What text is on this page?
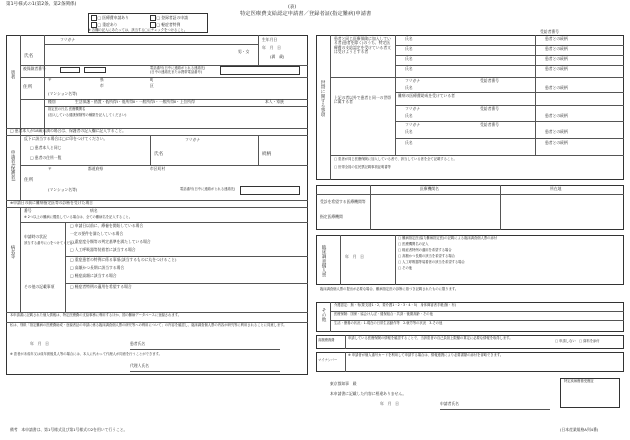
第1号様式の1(第2条、第2条関係)
(表)
特定医療費支給認定申請書／登録者証(指定難病)申請書
□ 医療費申請あり	□ 登録者証の申請
□ 重症あり	□ 軽症者特例
※ 各欄の記入にあたっては、該当する□にチェックをつけること。
患者
フリガナ
氏名
生年月日
年　月　日
(満　歳)
男・女
被保険者番号	電話番号(日中に連絡がとれる連絡先)
(日中の連絡先または携帯電話番号)
住所
〒	県
市
町
区
(マンション名等)
種別	生活保護・措置・低所得Ⅰ・低所得Ⅱ・一般所得Ⅰ・一般所得Ⅱ・上位所得	本人・家族
指定医の氏名 医療機関名
(加入している健康保険等の種類を記入してください)
□ 患者本人が18歳未満の場合は、保護者の記入欄に記入すること。
申請者(保護者)
反下に該当する場合は□に印をつけてください。
□ 患者本人と同じ
□ 患者の住所一覧
フリガナ
氏名	続柄
住所
〒	都道府県	市区町村
(マンション名等)	電話番号(日中に連絡がとれる連絡先)
※申請日の前に難病指定医等の診断を受けた場合
病名等
番号	病名
※ 2つ以上の難病に罹患している場合は、全ての難病名を記入すること。
□ 申請日以前に、療養を開始している場合
申請時の状況
該当する番号に○をつけてください
一定の要件を満たしている場合
□ 重症度分類等の判定基準を満たしている場合
□ 人工呼吸器等装着者に該当する場合
□ 重症患者の特例に係る事項(該当するものに丸をつけること)
□ 高額かつ長期に該当する場合
□ 軽症高額に該当する場合
その他の記載事項	□ 軽症者特例の適用を希望する場合
本申請書に記載された個人情報は、特定医療費の支給事務に利用するほか、国の難病データベースに登録されます。
私は、別紙「指定難病の医療費助成・登録者証の申請に係る臨床調査個人票の研究等への利用について」の内容を確認し、臨床調査個人票の内容が研究等に利用されることに同意します。
年　月　日	患者氏名
※ 患者が未成年又は成年被後見人等の場合には、本人に代わって代理人が同意を行うことができます。
代理人氏名
受給者番号
世帯に関する事項
患者と同じ医療保険に加入している者(患者を除く)のうち、特定医療費の支給認定を受けている者又は受けようとする者
氏名	患者との続柄
氏名	患者との続柄
氏名	患者との続柄
氏名	患者との続柄
上記の者以外で患者と同一の世帯に属する者
フリガナ	受給者番号
氏名	患者との続柄
難病の医療費助成を受けている者
フリガナ	受給者番号
氏名	患者との続柄
フリガナ	受給者番号
氏名	患者との続柄
氏名	患者との続柄
□ 患者が同じ医療保険に加入している者で、該当している者を全て記載すること。
□ 世帯全員の住民票記載事項証明書等
医療機関名	所在地
受診を希望する医療機関等
指定医療機関
臨床調査個人票	年　月　日
□ 難病指定医(協力難病指定医)の記載による臨床調査個人票の添付
□ 医療機関名の記入
□ 軽症者特例の適用を希望する場合
□ 高額かつ長期の該当を希望する場合
□ 人工呼吸器等装着者の該当を希望する場合
□ その他
臨床調査個人票の提出が必要な場合、難病指定医の診断に基づき記載されたものに限ります。
その他
介護認定：無・有(要支援1・2、要介護1・2・3・4・5)　身体障害者手帳(無・有)
医療保険：国保・協会けんぽ・健保組合・共済・後期高齢・その他
生活・療養の状況：1.現在の日常生活動作等　2.就労等の状況　3.その他
高額療養費	申請している医療保険の情報を確認することで、当該患者の自己負担上限額の算定に必要な情報を取得します。
□ 申請しない　□ 資料を添付
マイナンバー
※ 申請者が個人番号カードを利用して申請する場合は、情報連携により必要書類の添付を省略できます。
東京都知事　殿
本申請書に記載した内容に相違ありません。
年　月　日	申請者氏名
特定疾病療養受療証
備考　本申請書は、第1号様式及び第1号様式の2を用いて行うこと。	(日本産業規格A列4番)
